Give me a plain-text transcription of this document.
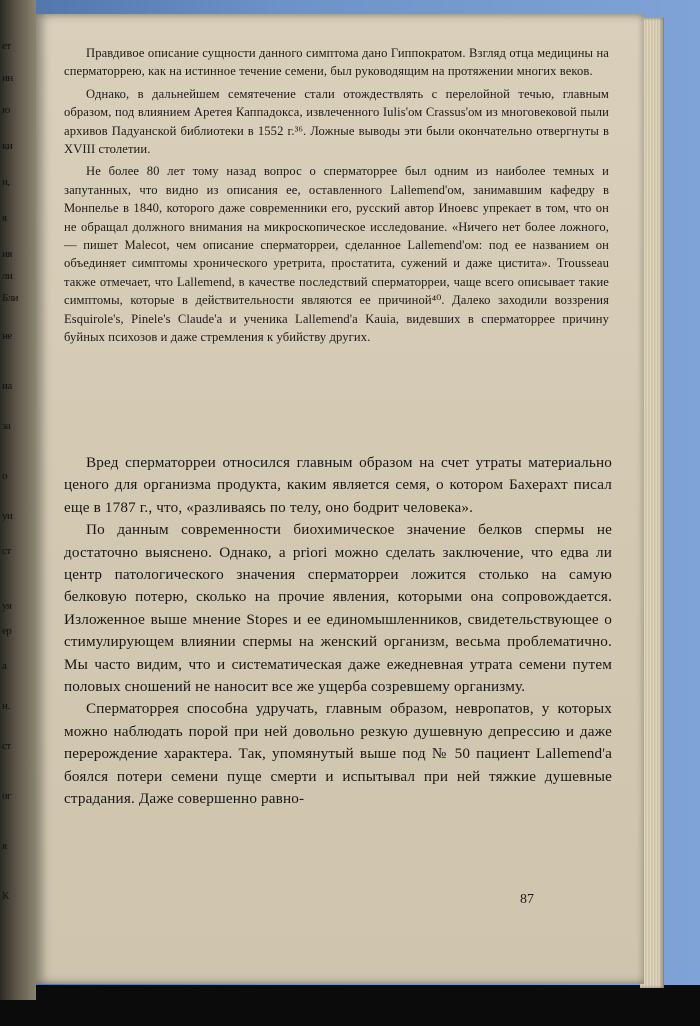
ет
ин
ю
ки
и,
я
ия
ли
Бли
не
иа
за
о
уи
ст
уя
ер
а
н.
ст
ог
я
К

Правдивое описание сущности данного симптома дано Гиппократом. Взгляд отца медицины на сперматоррею, как на истинное течение семени, был руководящим на протяжении многих веков.

Однако, в дальнейшем семятечение стали отождествлять с перелойной течью, главным образом, под влиянием Аретея Каппадокса, извлеченного Iulis'ом Crassus'ом из многовековой пыли архивов Падуанской библиотеки в 1552 г.³⁶. Ложные выводы эти были окончательно отвергнуты в XVIII столетии.

Не более 80 лет тому назад вопрос о сперматоррее был одним из наиболее темных и запутанных, что видно из описания ее, оставленного Lallemend'ом, занимавшим кафедру в Монпелье в 1840, которого даже современники его, русский автор Иноевс упрекает в том, что он не обращал должного внимания на микроскопическое исследование. «Ничего нет более ложного, — пишет Malecot, чем описание сперматорреи, сделанное Lallemend'ом: под ее названием он объединяет симптомы хронического уретрита, простатита, сужений и даже цистита». Trousseau также отмечает, что Lallemend, в качестве последствий сперматорреи, чаще всего описывает такие симптомы, которые в действительности являются ее причиной⁴⁰. Далеко заходили воззрения Esquirole's, Pinele's Claude'а и ученика Lallemend'а Kauia, видевших в сперматоррее причину буйных психозов и даже стремления к убийству других.

Вред сперматорреи относился главным образом на счет утраты материально ценого для организма продукта, каким является семя, о котором Бахерахт писал еще в 1787 г., что, «разливаясь по телу, оно бодрит человека».

По данным современности биохимическое значение белков спермы не достаточно выяснено. Однако, a priori можно сделать заключение, что едва ли центр патологического значения сперматорреи ложится столько на самую белковую потерю, сколько на прочие явления, которыми она сопровождается. Изложенное выше мнение Stopes и ее единомышленников, свидетельствующее о стимулирующем влиянии спермы на женский организм, весьма проблематично. Мы часто видим, что и систематическая даже ежедневная утрата семени путем половых сношений не наносит все же ущерба созревшему организму.

Сперматоррея способна удручать, главным образом, невропатов, у которых можно наблюдать порой при ней довольно резкую душевную депрессию и даже перерождение характера. Так, упомянутый выше под № 50 пациент Lallemend'а боялся потери семени пуще смерти и испытывал при ней тяжкие душевные страдания. Даже совершенно равно-

87
